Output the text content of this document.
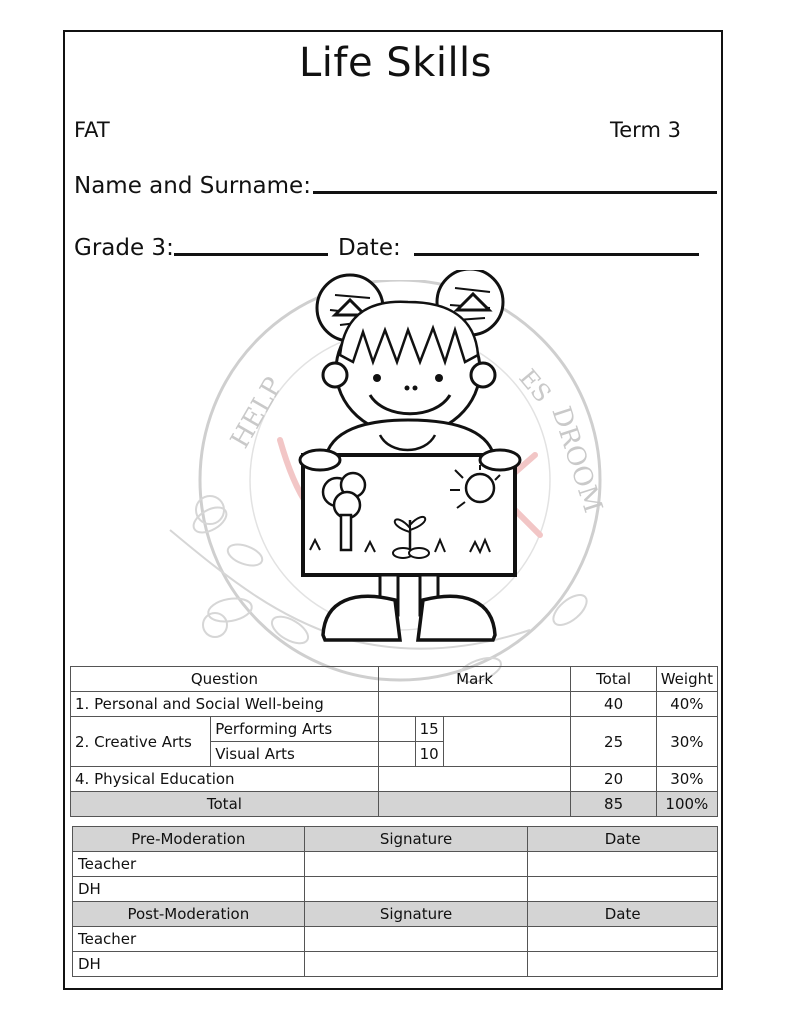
Life Skills
FAT	Term 3
Name and Surname:
Grade 3:	Date:
HELP	ES
DROOM
Question		Mark			Total	Weight
1. Personal and Social Well-being					40	40%
2. Creative Arts	Performing Arts		15		25	30%
	Visual Arts		10			
4. Physical Education					20	30%
Total					85	100%
Pre-Moderation	Signature	Date
Teacher		
DH		
Post-Moderation	Signature	Date
Teacher		
DH		
